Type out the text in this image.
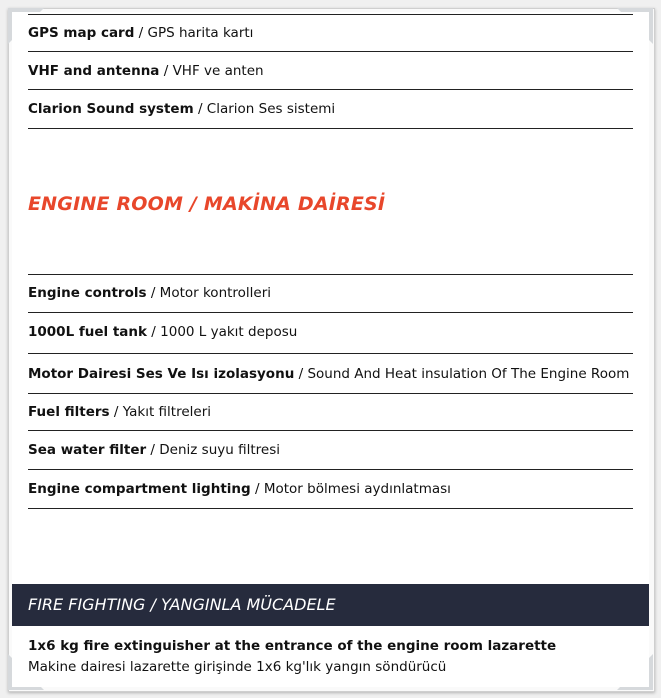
GPS map card / GPS harita kartı
VHF and antenna / VHF ve anten
Clarion Sound system / Clarion Ses sistemi
ENGINE ROOM / MAKİNA DAİRESİ
Engine controls / Motor kontrolleri
1000L fuel tank / 1000 L yakıt deposu
Motor Dairesi Ses Ve Isı izolasyonu / Sound And Heat insulation Of The Engine Room
Fuel filters / Yakıt filtreleri
Sea water filter / Deniz suyu filtresi
Engine compartment lighting / Motor bölmesi aydınlatması
FIRE FIGHTING / YANGINLA MÜCADELE
1x6 kg fire extinguisher at the entrance of the engine room lazarette
Makine dairesi lazarette girişinde 1x6 kg'lık yangın söndürücü
